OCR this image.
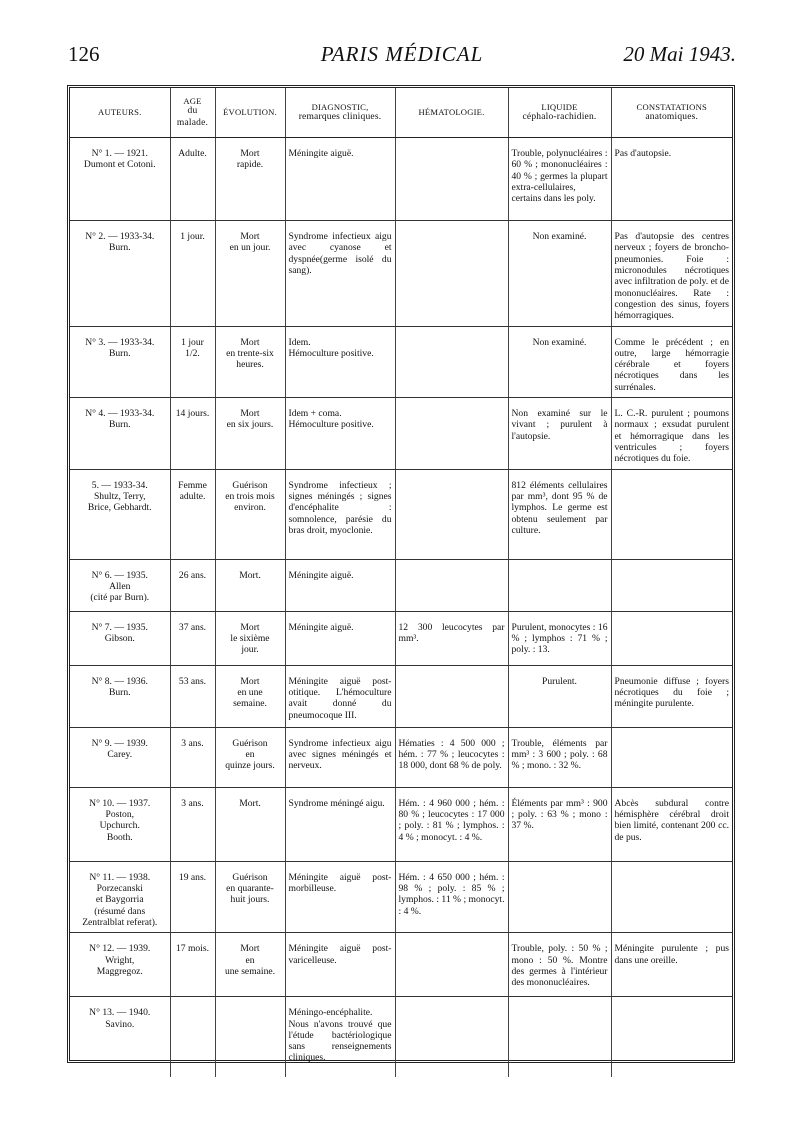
126	PARIS MÉDICAL	20 Mai 1943.
AUTEURS.	AGE
du
malade.	ÉVOLUTION.	DIAGNOSTIC,
remarques cliniques.	HÉMATOLOGIE.	LIQUIDE
céphalo-rachidien.	CONSTATATIONS
anatomiques.

N° 1. — 1921.
Dumont et Cotoni.	Adulte.	Mort
rapide.	Méningite aiguë.		Trouble, polynucléaires : 60 % ; mononucléaires : 40 % ; germes la plupart extra-cellulaires, certains dans les poly.	Pas d'autopsie.
N° 2. — 1933-34.
Burn.	1 jour.	Mort
en un jour.	Syndrome infectieux aigu avec cyanose et dyspnée(germe isolé du sang).		Non examiné.	Pas d'autopsie des centres nerveux ; foyers de broncho-pneumonies. Foie : micronodules nécrotiques avec infiltration de poly. et de mononucléaires. Rate : congestion des sinus, foyers hémorragiques.
N° 3. — 1933-34.
Burn.	1 jour 1/2.	Mort
en trente-six
heures.	Idem.
Hémoculture positive.		Non examiné.	Comme le précédent ; en outre, large hémorragie cérébrale et foyers nécrotiques dans les surrénales.
N° 4. — 1933-34.
Burn.	14 jours.	Mort
en six jours.	Idem + coma.
Hémoculture positive.		Non examiné sur le vivant ; purulent à l'autopsie.	L. C.-R. purulent ; poumons normaux ; exsudat purulent et hémorragique dans les ventricules ; foyers nécrotiques du foie.
5. — 1933-34.
Shultz, Terry,
Brice, Gebhardt.	Femme
adulte.	Guérison
en trois mois
environ.	Syndrome infectieux ; signes méningés ; signes d'encéphalite : somnolence, parésie du bras droit, myoclonie.		812 éléments cellulaires par mm³, dont 95 % de lymphos. Le germe est obtenu seulement par culture.	
N° 6. — 1935.
Allen
(cité par Burn).	26 ans.	Mort.	Méningite aiguë.			
N° 7. — 1935.
Gibson.	37 ans.	Mort
le sixième
jour.	Méningite aiguë.	12 300 leucocytes par mm³.	Purulent, monocytes : 16 % ; lymphos : 71 % ; poly. : 13.	
N° 8. — 1936.
Burn.	53 ans.	Mort
en une
semaine.	Méningite aiguë post-otitique. L'hémoculture avait donné du pneumocoque III.		Purulent.	Pneumonie diffuse ; foyers nécrotiques du foie ; méningite purulente.
N° 9. — 1939.
Carey.	3 ans.	Guérison
en
quinze jours.	Syndrome infectieux aigu avec signes méningés et nerveux.	Hématies : 4 500 000 ; hém. : 77 % ; leucocytes : 18 000, dont 68 % de poly.	Trouble, éléments par mm³ : 3 600 ; poly. : 68 % ; mono. : 32 %.	
N° 10. — 1937.
Poston,
Upchurch.
Booth.	3 ans.	Mort.	Syndrome méningé aigu.	Hém. : 4 960 000 ; hém. : 80 % ; leucocytes : 17 000 ; poly. : 81 % ; lymphos. : 4 % ; monocyt. : 4 %.	Éléments par mm³ : 900 ; poly. : 63 % ; mono : 37 %.	Abcès subdural contre hémisphère cérébral droit bien limité, contenant 200 cc. de pus.
N° 11. — 1938.
Porzecanski
et Baygorria
(résumé dans
Zentralblat referat).	19 ans.	Guérison
en quarante-
huit jours.	Méningite aiguë post-morbilleuse.	Hém. : 4 650 000 ; hém. : 98 % ; poly. : 85 % ; lymphos. : 11 % ; monocyt. : 4 %.		
N° 12. — 1939.
Wright,
Maggregoz.	17 mois.	Mort
en
une semaine.	Méningite aiguë post-varicelleuse.		Trouble, poly. : 50 % ; mono : 50 %. Montre des germes à l'intérieur des mononucléaires.	Méningite purulente ; pus dans une oreille.
N° 13. — 1940.
Savino.			Méningo-encéphalite.
Nous n'avons trouvé que l'étude bactériologique sans renseignements cliniques.			
